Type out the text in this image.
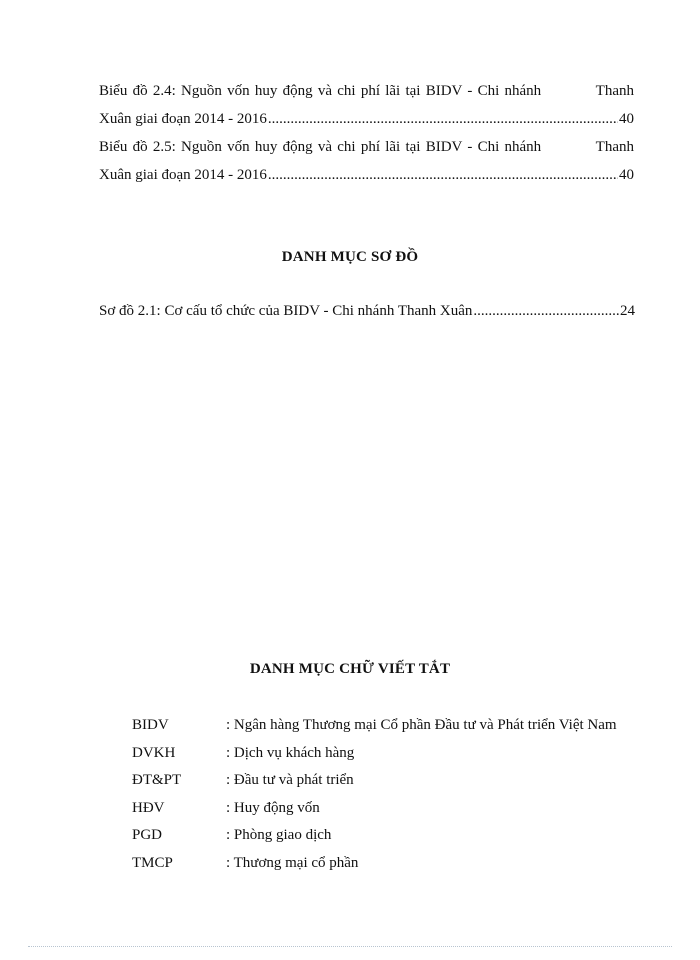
Biểu đồ 2.4: Nguồn vốn huy động và chi phí lãi tại BIDV - Chi nhánh	Thanh
Xuân giai đoạn 2014 - 2016 .....	40
Biểu đồ 2.5: Nguồn vốn huy động và chi phí lãi tại BIDV - Chi nhánh	Thanh
Xuân giai đoạn 2014 - 2016 .....	40
DANH MỤC SƠ ĐỒ
Sơ đồ 2.1: Cơ cấu tổ chức của BIDV - Chi nhánh Thanh Xuân .....	24
DANH MỤC CHỮ VIẾT TẮT
BIDV	: Ngân hàng Thương mại Cổ phần Đầu tư và Phát triển Việt Nam
DVKH	: Dịch vụ khách hàng
ĐT&PT	: Đầu tư và phát triển
HĐV	: Huy động vốn
PGD	: Phòng giao dịch
TMCP	: Thương mại cổ phần
